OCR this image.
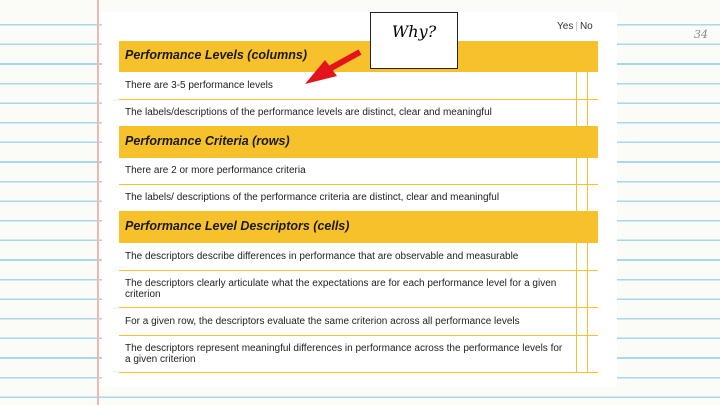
34
Yes | No
Performance Levels (columns)		
There are 3-5 performance levels		
The labels/descriptions of the performance levels are distinct, clear and meaningful		
Performance Criteria (rows)		
There are 2 or more performance criteria		
The labels/ descriptions of the performance criteria are distinct, clear and meaningful		
Performance Level Descriptors (cells)		
The descriptors describe differences in performance that are observable and measurable		
The descriptors clearly articulate what the expectations are for each performance level for a given criterion		
For a given row, the descriptors evaluate the same criterion across all performance levels		
The descriptors represent meaningful differences in performance across the performance levels for a given criterion		
Why?
